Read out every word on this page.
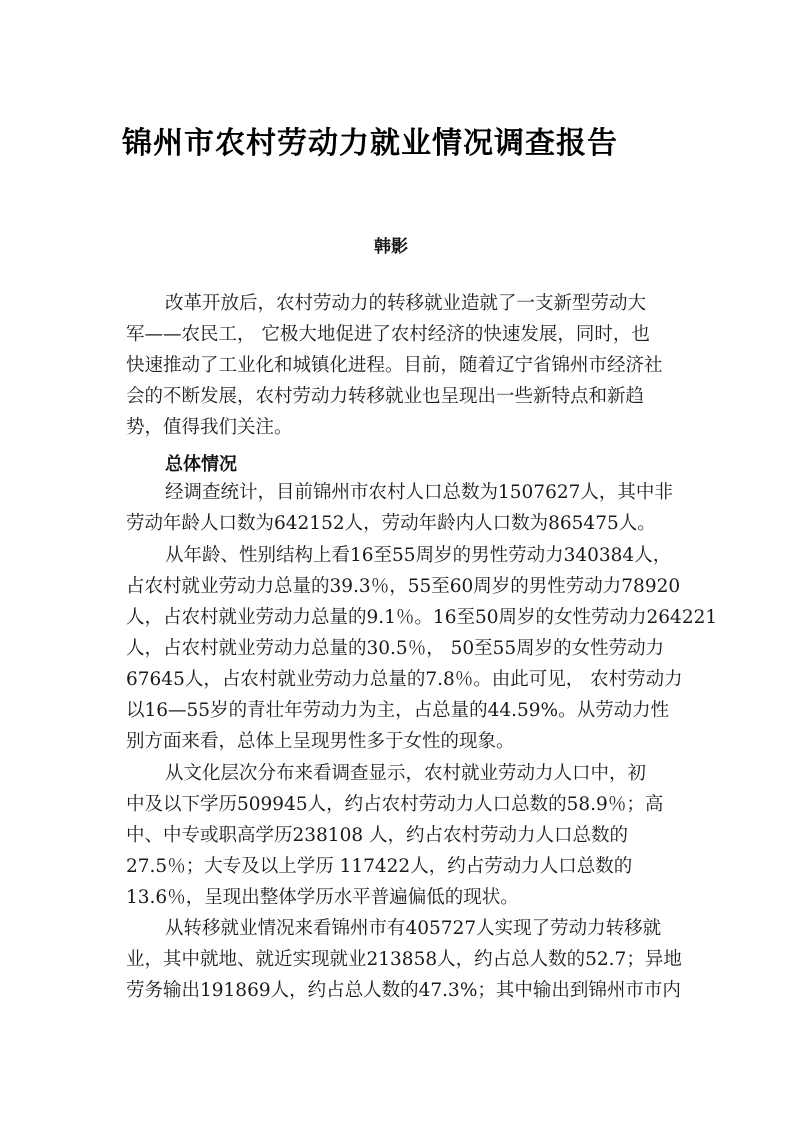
锦州市农村劳动力就业情况调查报告
韩影
改革开放后，农村劳动力的转移就业造就了一支新型劳动大
军——农民工， 它极大地促进了农村经济的快速发展，同时，也
快速推动了工业化和城镇化进程。目前，随着辽宁省锦州市经济社
会的不断发展，农村劳动力转移就业也呈现出一些新特点和新趋
势，值得我们关注。
总体情况
经调查统计，目前锦州市农村人口总数为1507627人，其中非
劳动年龄人口数为642152人，劳动年龄内人口数为865475人。
从年龄、性别结构上看16至55周岁的男性劳动力340384人，
占农村就业劳动力总量的39.3％，55至60周岁的男性劳动力78920
人，占农村就业劳动力总量的9.1％。16至50周岁的女性劳动力264221
人，占农村就业劳动力总量的30.5％， 50至55周岁的女性劳动力
67645人，占农村就业劳动力总量的7.8％。由此可见， 农村劳动力
以16—55岁的青壮年劳动力为主，占总量的44.59%。从劳动力性
别方面来看，总体上呈现男性多于女性的现象。
从文化层次分布来看调查显示，农村就业劳动力人口中，初
中及以下学历509945人，约占农村劳动力人口总数的58.9％；高
中、中专或职高学历238108 人，约占农村劳动力人口总数的
27.5％；大专及以上学历 117422人，约占劳动力人口总数的
13.6％，呈现出整体学历水平普遍偏低的现状。
从转移就业情况来看锦州市有405727人实现了劳动力转移就
业，其中就地、就近实现就业213858人，约占总人数的52.7；异地
劳务输出191869人，约占总人数的47.3%；其中输出到锦州市市内
